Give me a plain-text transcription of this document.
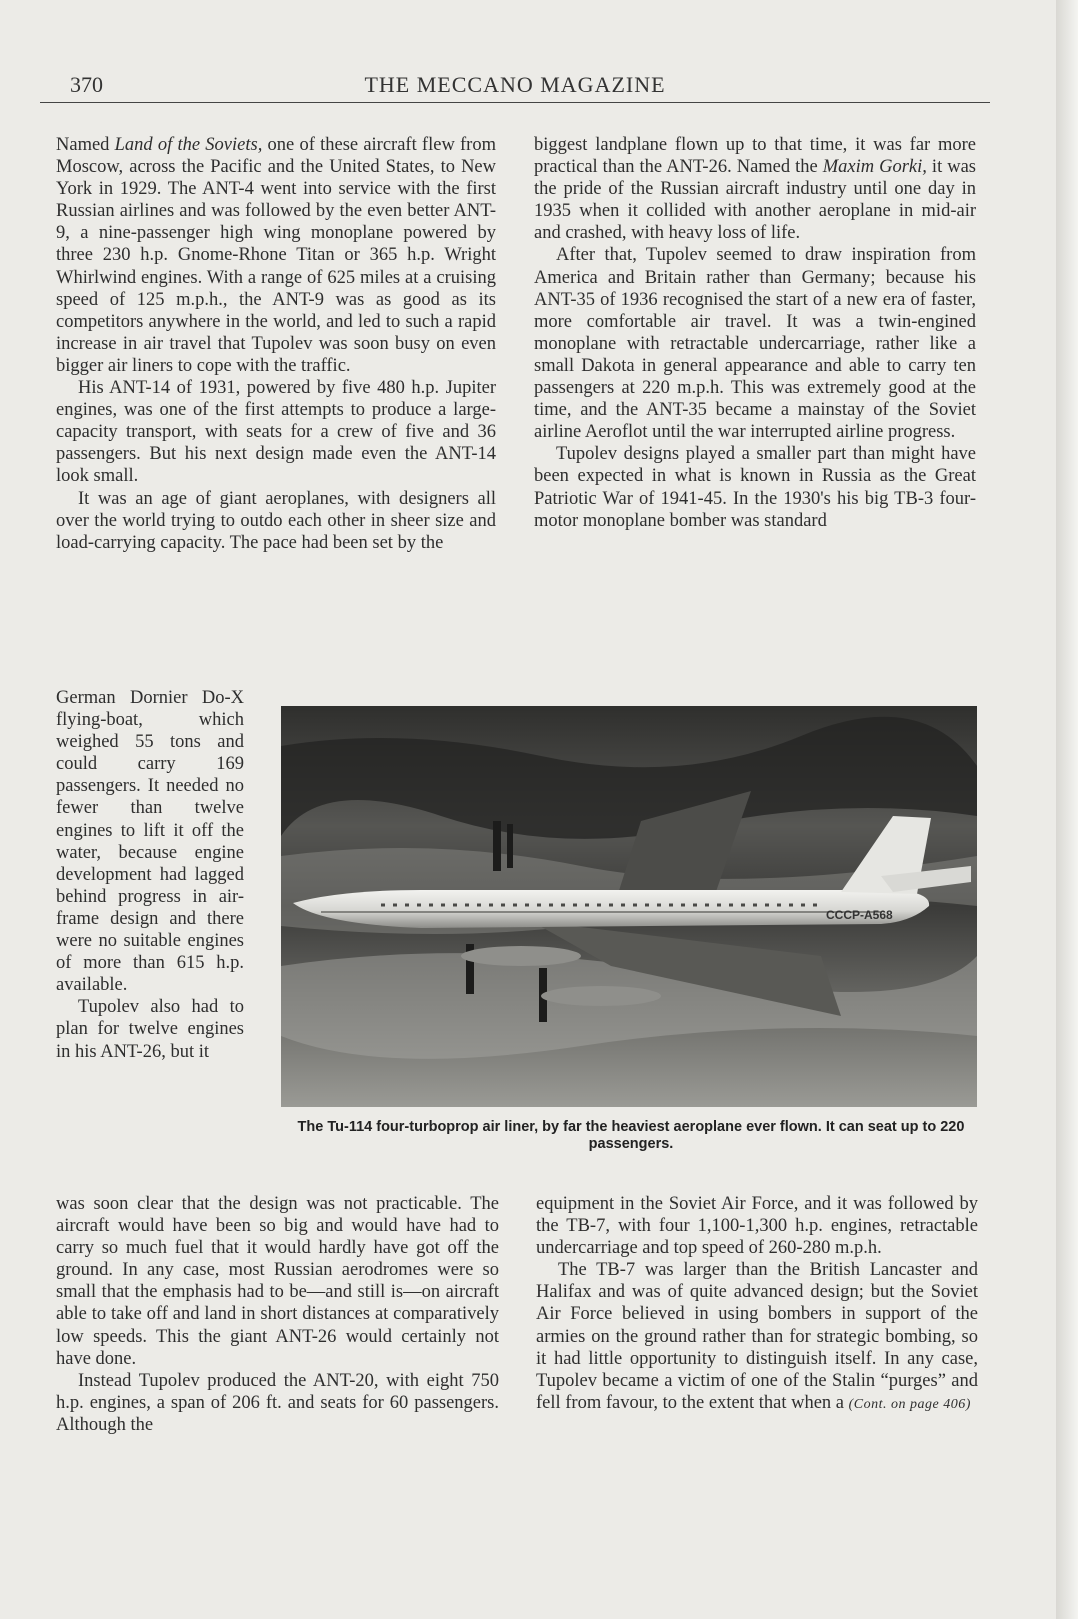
370	THE MECCANO MAGAZINE

Named Land of the Soviets, one of these aircraft flew from Moscow, across the Pacific and the United States, to New York in 1929. The ANT-4 went into service with the first Russian airlines and was followed by the even better ANT-9, a nine-passenger high wing monoplane powered by three 230 h.p. Gnome-Rhone Titan or 365 h.p. Wright Whirlwind engines. With a range of 625 miles at a cruising speed of 125 m.p.h., the ANT-9 was as good as its competitors anywhere in the world, and led to such a rapid increase in air travel that Tupolev was soon busy on even bigger air liners to cope with the traffic.

His ANT-14 of 1931, powered by five 480 h.p. Jupiter engines, was one of the first attempts to produce a large-capacity transport, with seats for a crew of five and 36 passengers. But his next design made even the ANT-14 look small.

It was an age of giant aeroplanes, with designers all over the world trying to outdo each other in sheer size and load-carrying capacity. The pace had been set by the

biggest landplane flown up to that time, it was far more practical than the ANT-26. Named the Maxim Gorki, it was the pride of the Russian aircraft industry until one day in 1935 when it collided with another aeroplane in mid-air and crashed, with heavy loss of life.

After that, Tupolev seemed to draw inspiration from America and Britain rather than Germany; because his ANT-35 of 1936 recognised the start of a new era of faster, more comfortable air travel. It was a twin-engined monoplane with retractable undercarriage, rather like a small Dakota in general appearance and able to carry ten passengers at 220 m.p.h. This was extremely good at the time, and the ANT-35 became a mainstay of the Soviet airline Aeroflot until the war interrupted airline progress.

Tupolev designs played a smaller part than might have been expected in what is known in Russia as the Great Patriotic War of 1941-45. In the 1930's his big TB-3 four-motor monoplane bomber was standard

German Dornier Do-X flying-boat, which weighed 55 tons and could carry 169 passengers. It needed no fewer than twelve engines to lift it off the water, because engine development had lagged behind progress in air-frame design and there were no suitable engines of more than 615 h.p. available.

Tupolev also had to plan for twelve engines in his ANT-26, but it

CCCP-A568
The Tu-114 four-turboprop air liner, by far the heaviest aeroplane ever flown. It can seat up to 220 passengers.

was soon clear that the design was not practicable. The aircraft would have been so big and would have had to carry so much fuel that it would hardly have got off the ground. In any case, most Russian aerodromes were so small that the emphasis had to be—and still is—on aircraft able to take off and land in short distances at comparatively low speeds. This the giant ANT-26 would certainly not have done.

Instead Tupolev produced the ANT-20, with eight 750 h.p. engines, a span of 206 ft. and seats for 60 passengers. Although the

equipment in the Soviet Air Force, and it was followed by the TB-7, with four 1,100-1,300 h.p. engines, retractable undercarriage and top speed of 260-280 m.p.h.

The TB-7 was larger than the British Lancaster and Halifax and was of quite advanced design; but the Soviet Air Force believed in using bombers in support of the armies on the ground rather than for strategic bombing, so it had little opportunity to distinguish itself. In any case, Tupolev became a victim of one of the Stalin “purges” and fell from favour, to the extent that when a (Cont. on page 406)
